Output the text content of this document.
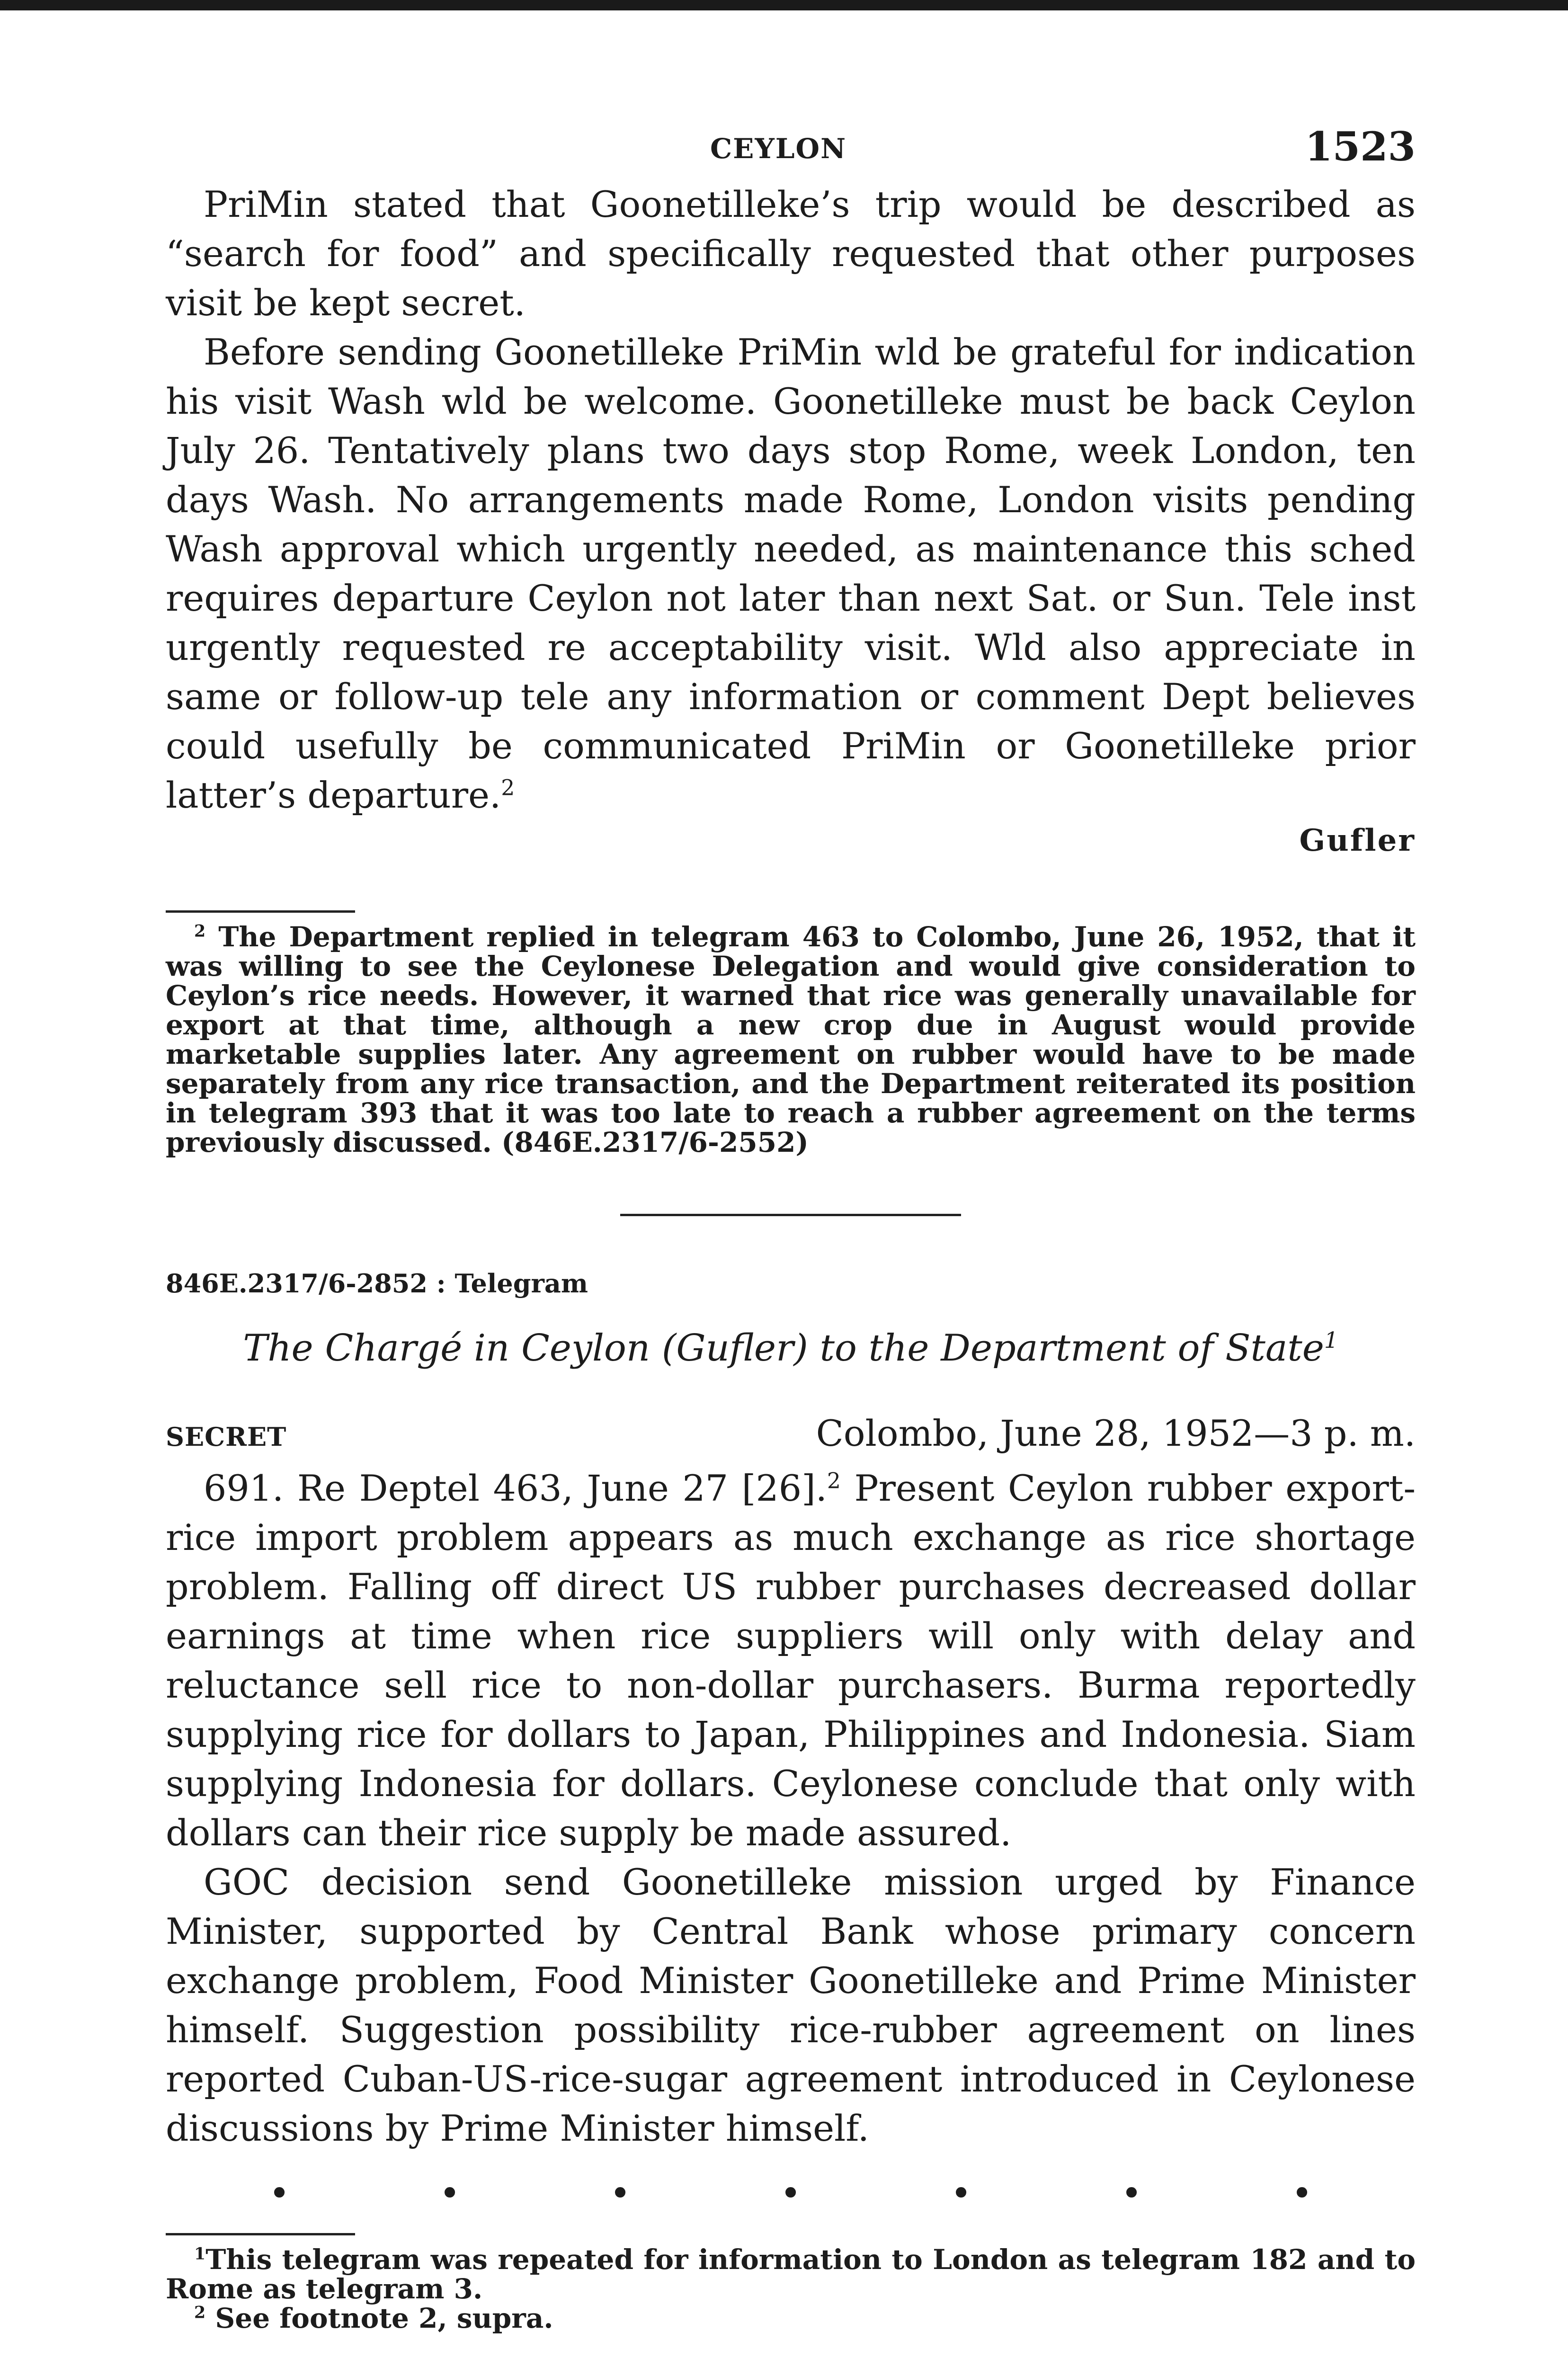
CEYLON	1523

PriMin stated that Goonetilleke’s trip would be described as “search for food” and specifically requested that other purposes visit be kept secret.

Before sending Goonetilleke PriMin wld be grateful for indication his visit Wash wld be welcome. Goonetilleke must be back Ceylon July 26. Tentatively plans two days stop Rome, week London, ten days Wash. No arrangements made Rome, London visits pending Wash approval which urgently needed, as maintenance this sched requires departure Ceylon not later than next Sat. or Sun. Tele inst urgently requested re acceptability visit. Wld also appreciate in same or follow-up tele any information or comment Dept believes could usefully be communicated PriMin or Goonetilleke prior latter’s departure.$^2$

Gufler

$^2$ The Department replied in telegram 463 to Colombo, June 26, 1952, that it was willing to see the Ceylonese Delegation and would give consideration to Ceylon’s rice needs. However, it warned that rice was generally unavailable for export at that time, although a new crop due in August would provide marketable supplies later. Any agreement on rubber would have to be made separately from any rice transaction, and the Department reiterated its position in telegram 393 that it was too late to reach a rubber agreement on the terms previously discussed. (846E.2317/6-2552)

846E.2317/6-2852 : Telegram

The Chargé in Ceylon (Gufler) to the Department of State$^1$

SECRET	Colombo, June 28, 1952—3 p. m.

691. Re Deptel 463, June 27 [26].$^2$ Present Ceylon rubber export-rice import problem appears as much exchange as rice shortage problem. Falling off direct US rubber purchases decreased dollar earnings at time when rice suppliers will only with delay and reluctance sell rice to non-dollar purchasers. Burma reportedly supplying rice for dollars to Japan, Philippines and Indonesia. Siam supplying Indonesia for dollars. Ceylonese conclude that only with dollars can their rice supply be made assured.

GOC decision send Goonetilleke mission urged by Finance Minister, supported by Central Bank whose primary concern exchange problem, Food Minister Goonetilleke and Prime Minister himself. Suggestion possibility rice-rubber agreement on lines reported Cuban-US-rice-sugar agreement introduced in Ceylonese discussions by Prime Minister himself.

•	•	•	•	•	•	•

$^1$This telegram was repeated for information to London as telegram 182 and to Rome as telegram 3.

$^2$ See footnote 2, supra.
